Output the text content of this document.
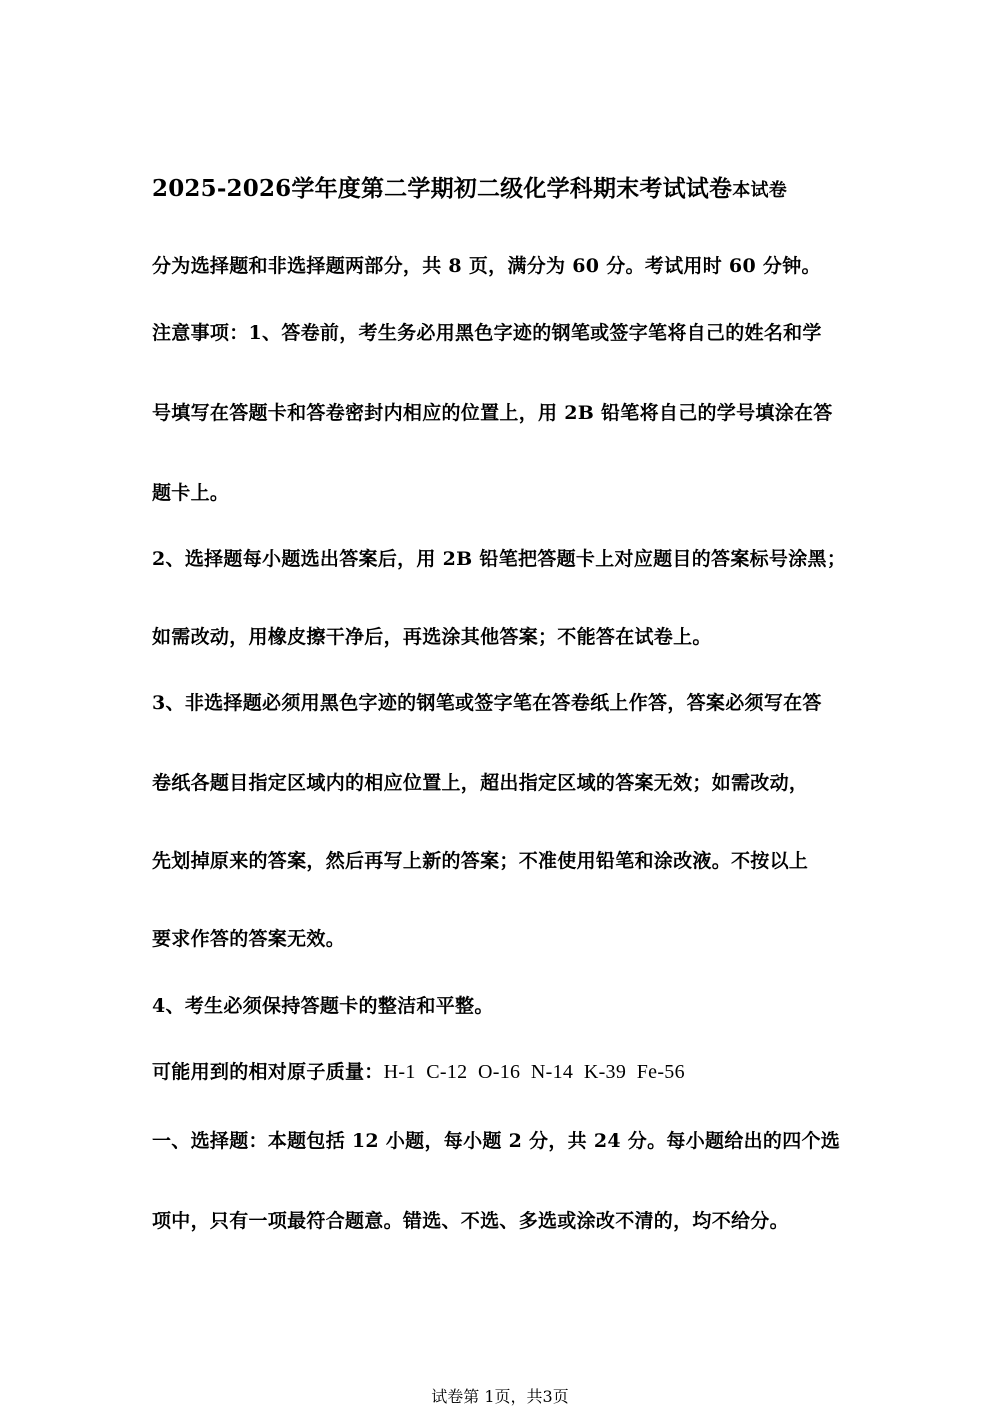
2025-2026学年度第二学期初二级化学科期末考试试卷本试卷
分为选择题和非选择题两部分，共 8 页，满分为 60 分。考试用时 60 分钟。
注意事项：1、答卷前，考生务必用黑色字迹的钢笔或签字笔将自己的姓名和学
号填写在答题卡和答卷密封内相应的位置上，用 2B 铅笔将自己的学号填涂在答
题卡上。
2、选择题每小题选出答案后，用 2B 铅笔把答题卡上对应题目的答案标号涂黑；
如需改动，用橡皮擦干净后，再选涂其他答案；不能答在试卷上。
3、非选择题必须用黑色字迹的钢笔或签字笔在答卷纸上作答，答案必须写在答
卷纸各题目指定区域内的相应位置上，超出指定区域的答案无效；如需改动，
先划掉原来的答案，然后再写上新的答案；不准使用铅笔和涂改液。不按以上
要求作答的答案无效。
4、考生必须保持答题卡的整洁和平整。
可能用到的相对原子质量：H-1  C-12  O-16  N-14  K-39  Fe-56
一、选择题：本题包括 12 小题，每小题 2 分，共 24 分。每小题给出的四个选
项中，只有一项最符合题意。错选、不选、多选或涂改不清的，均不给分。
试卷第 1页，共3页
